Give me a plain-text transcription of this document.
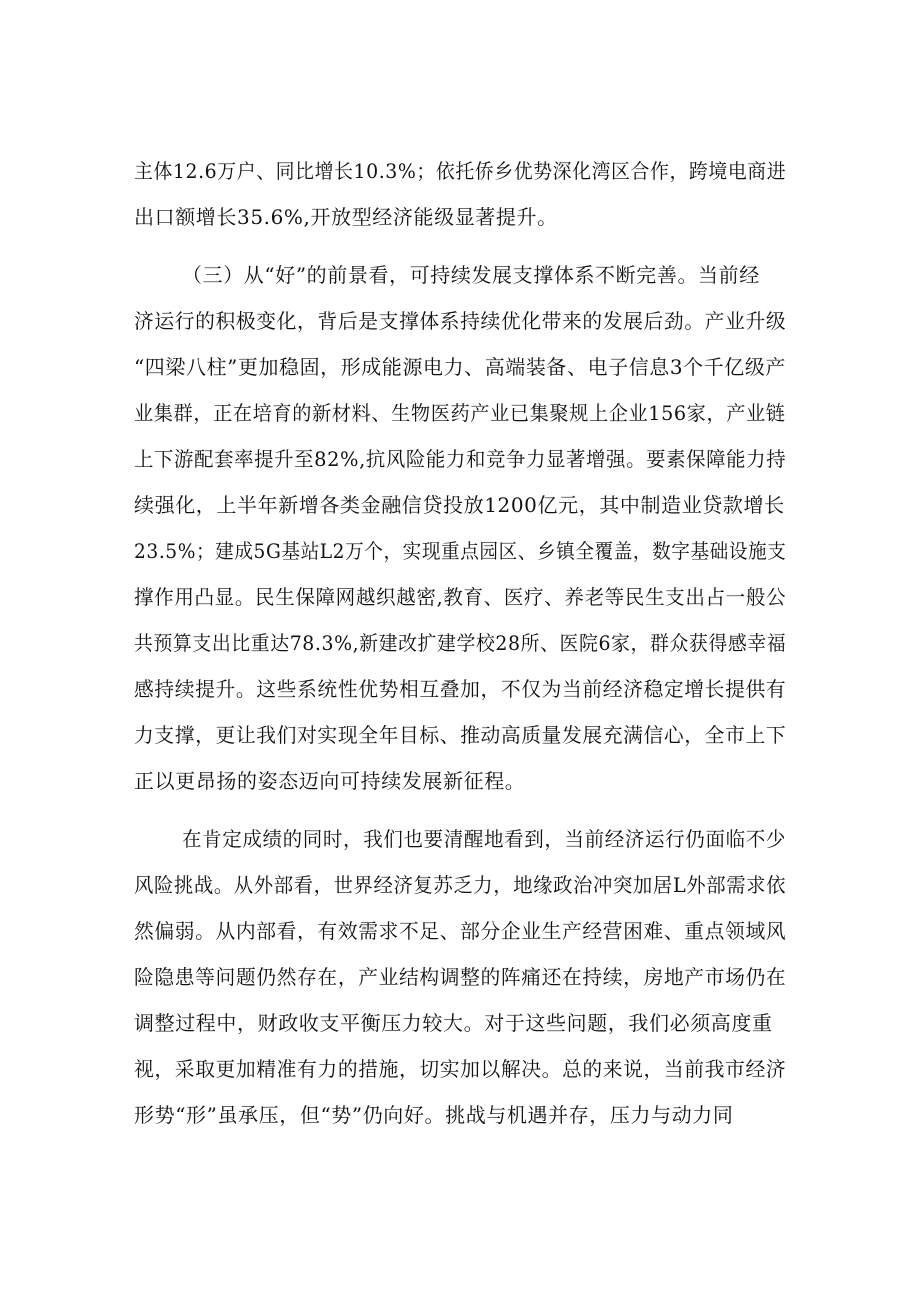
主体12.6万户、同比增长10.3%；依托侨乡优势深化湾区合作，跨境电商进
出口额增长35.6%,开放型经济能级显著提升。
（三）从“好”的前景看，可持续发展支撑体系不断完善。当前经
济运行的积极变化，背后是支撑体系持续优化带来的发展后劲。产业升级
“四梁八柱”更加稳固，形成能源电力、高端装备、电子信息3个千亿级产
业集群，正在培育的新材料、生物医药产业已集聚规上企业156家，产业链
上下游配套率提升至82%,抗风险能力和竞争力显著增强。要素保障能力持
续强化，上半年新增各类金融信贷投放1200亿元，其中制造业贷款增长
23.5%；建成5G基站L2万个，实现重点园区、乡镇全覆盖，数字基础设施支
撑作用凸显。民生保障网越织越密,教育、医疗、养老等民生支出占一般公
共预算支出比重达78.3%,新建改扩建学校28所、医院6家，群众获得感幸福
感持续提升。这些系统性优势相互叠加，不仅为当前经济稳定增长提供有
力支撑，更让我们对实现全年目标、推动高质量发展充满信心，全市上下
正以更昂扬的姿态迈向可持续发展新征程。
在肯定成绩的同时，我们也要清醒地看到，当前经济运行仍面临不少
风险挑战。从外部看，世界经济复苏乏力，地缘政治冲突加居L外部需求依
然偏弱。从内部看，有效需求不足、部分企业生产经营困难、重点领域风
险隐患等问题仍然存在，产业结构调整的阵痛还在持续，房地产市场仍在
调整过程中，财政收支平衡压力较大。对于这些问题，我们必须高度重
视，采取更加精准有力的措施，切实加以解决。总的来说，当前我市经济
形势“形”虽承压，但“势”仍向好。挑战与机遇并存，压力与动力同
